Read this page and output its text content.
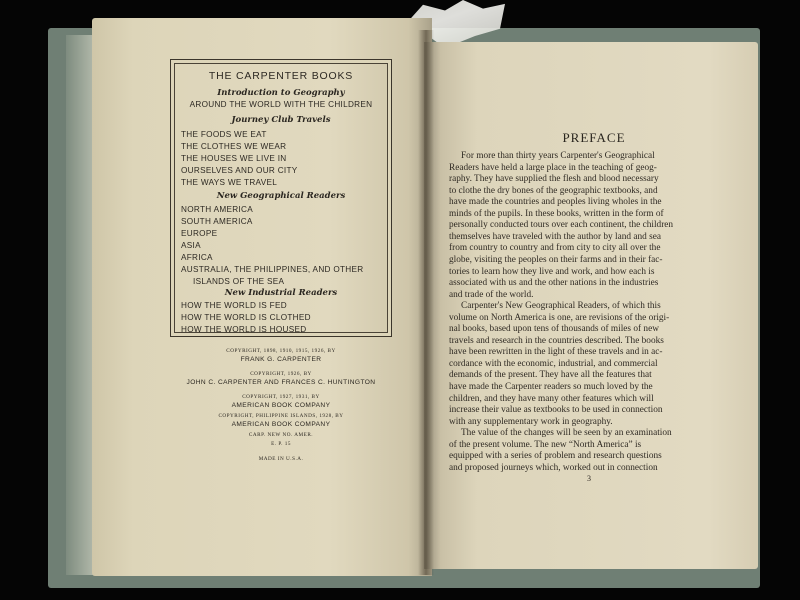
THE CARPENTER BOOKS
Introduction to Geography
AROUND THE WORLD WITH THE CHILDREN
Journey Club Travels
THE FOODS WE EAT
THE CLOTHES WE WEAR
THE HOUSES WE LIVE IN
OURSELVES AND OUR CITY
THE WAYS WE TRAVEL
New Geographical Readers
NORTH AMERICA
SOUTH AMERICA
EUROPE
ASIA
AFRICA
AUSTRALIA, THE PHILIPPINES, AND OTHER
ISLANDS OF THE SEA
New Industrial Readers
HOW THE WORLD IS FED
HOW THE WORLD IS CLOTHED
HOW THE WORLD IS HOUSED
COPYRIGHT, 1898, 1910, 1915, 1926, BY
FRANK G. CARPENTER
COPYRIGHT, 1926, BY
JOHN C. CARPENTER AND FRANCES C. HUNTINGTON
COPYRIGHT, 1927, 1931, BY
AMERICAN BOOK COMPANY
COPYRIGHT, PHILIPPINE ISLANDS, 1928, BY
AMERICAN BOOK COMPANY
CARP. NEW NO. AMER.
E. P. 15
MADE IN U.S.A.
PREFACE
For more than thirty years Carpenter's Geographical
Readers have held a large place in the teaching of geog-
raphy. They have supplied the flesh and blood necessary
to clothe the dry bones of the geographic textbooks, and
have made the countries and peoples living wholes in the
minds of the pupils. In these books, written in the form of
personally conducted tours over each continent, the children
themselves have traveled with the author by land and sea
from country to country and from city to city all over the
globe, visiting the peoples on their farms and in their fac-
tories to learn how they live and work, and how each is
associated with us and the other nations in the industries
and trade of the world.
Carpenter's New Geographical Readers, of which this
volume on North America is one, are revisions of the origi-
nal books, based upon tens of thousands of miles of new
travels and research in the countries described. The books
have been rewritten in the light of these travels and in ac-
cordance with the economic, industrial, and commercial
demands of the present. They have all the features that
have made the Carpenter readers so much loved by the
children, and they have many other features which will
increase their value as textbooks to be used in connection
with any supplementary work in geography.
The value of the changes will be seen by an examination
of the present volume. The new “North America” is
equipped with a series of problem and research questions
and proposed journeys which, worked out in connection
3
